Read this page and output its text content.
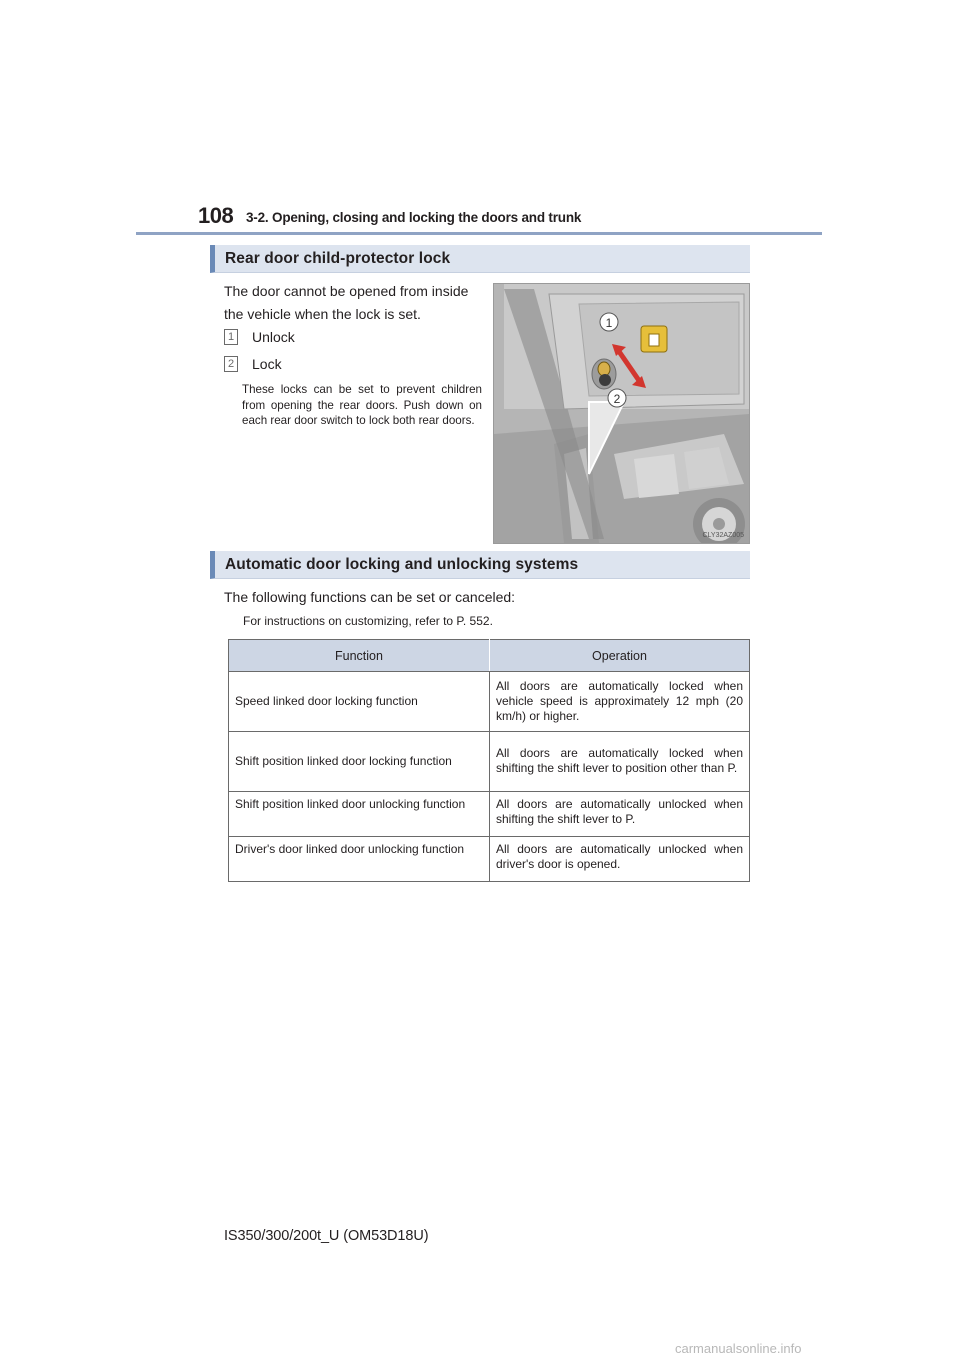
108 3-2. Opening, closing and locking the doors and trunk
Rear door child-protector lock
The door cannot be opened from inside the vehicle when the lock is set.
1 Unlock
2 Lock
These locks can be set to prevent children from opening the rear doors. Push down on each rear door switch to lock both rear doors.
1
2
CLY32AZ005
Automatic door locking and unlocking systems
The following functions can be set or canceled:
For instructions on customizing, refer to P. 552.
Function	Operation
Speed linked door locking function	All doors are automatically locked when vehicle speed is approximately 12 mph (20 km/h) or higher.
Shift position linked door locking function	All doors are automatically locked when shifting the shift lever to position other than P.
Shift position linked door unlocking function	All doors are automatically unlocked when shifting the shift lever to P.
Driver's door linked door unlocking function	All doors are automatically unlocked when driver's door is opened.
IS350/300/200t_U (OM53D18U)
carmanualsonline.info
